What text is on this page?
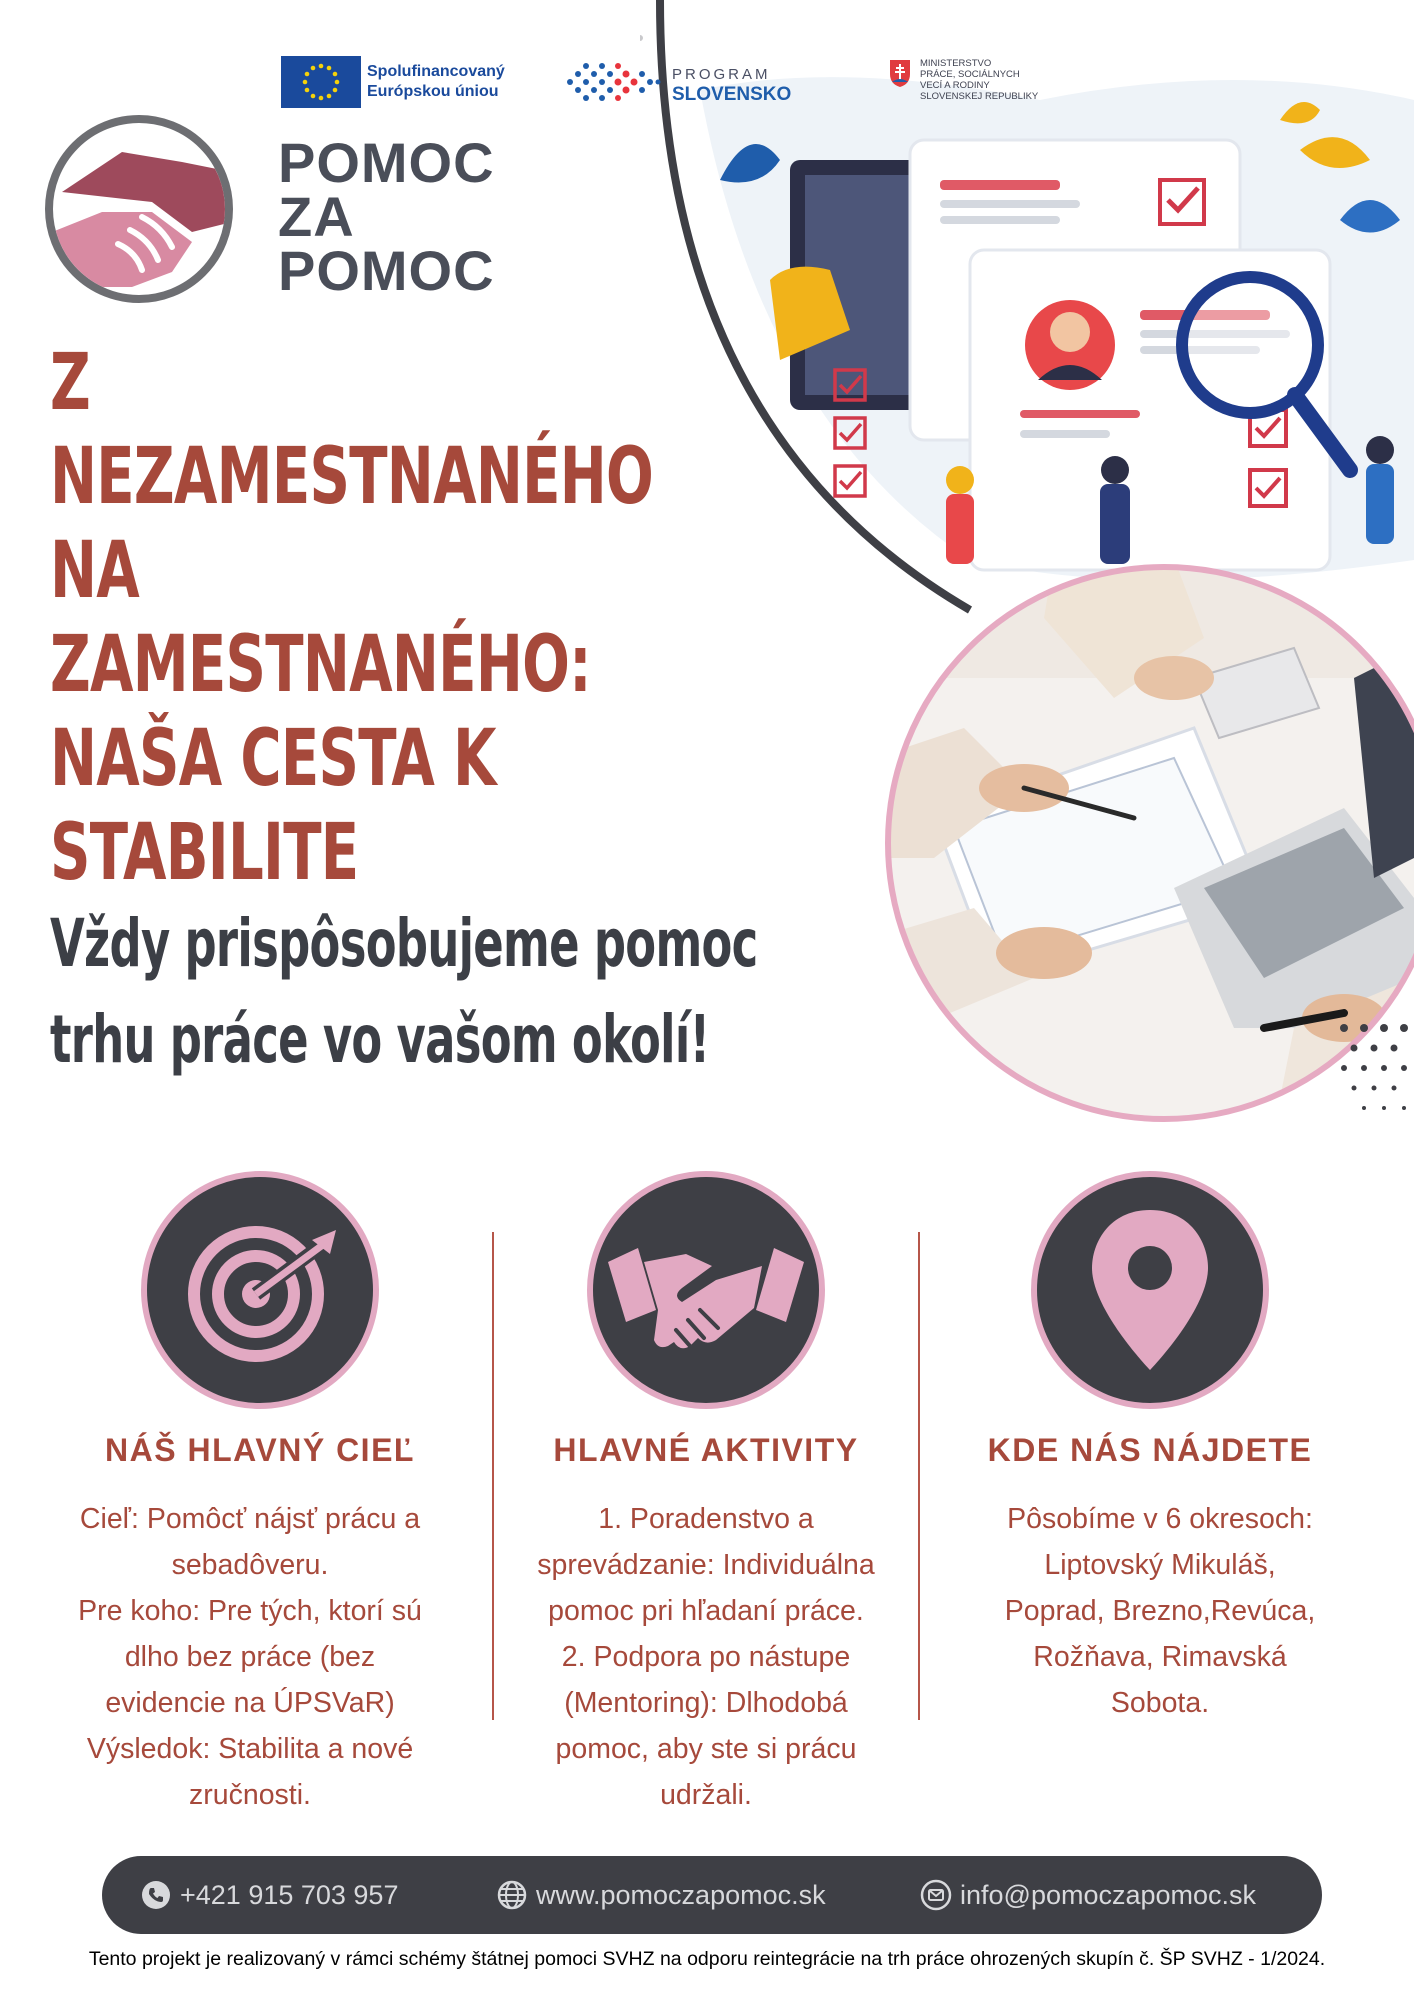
Spolufinancovaný
Európskou úniou
PROGRAM
SLOVENSKO
MINISTERSTVO
PRÁCE, SOCIÁLNYCH
VECÍ A RODINY
SLOVENSKEJ REPUBLIKY
POMOC
ZA
POMOC
Z
NEZAMESTNANÉHO
NA ZAMESTNANÉHO:
NAŠA CESTA K
STABILITE
Vždy prispôsobujeme pomoc
trhu práce vo vašom okolí!
NÁŠ HLAVNÝ CIEĽ
Cieľ: Pomôcť nájsť prácu a
sebadôveru.
Pre koho: Pre tých, ktorí sú
dlho bez práce (bez
evidencie na ÚPSVaR)
Výsledok: Stabilita a nové
zručnosti.
HLAVNÉ AKTIVITY
1. Poradenstvo a
sprevádzanie: Individuálna
pomoc pri hľadaní práce.
2. Podpora po nástupe
(Mentoring): Dlhodobá
pomoc, aby ste si prácu
udržali.
KDE NÁS NÁJDETE
Pôsobíme v 6 okresoch:
Liptovský Mikuláš,
Poprad, Brezno,Revúca,
Rožňava, Rimavská
Sobota.
+421 915 703 957	www.pomoczapomoc.sk	info@pomoczapomoc.sk
Tento projekt je realizovaný v rámci schémy štátnej pomoci SVHZ na odporu reintegrácie na trh práce ohrozených skupín č. ŠP SVHZ - 1/2024.
